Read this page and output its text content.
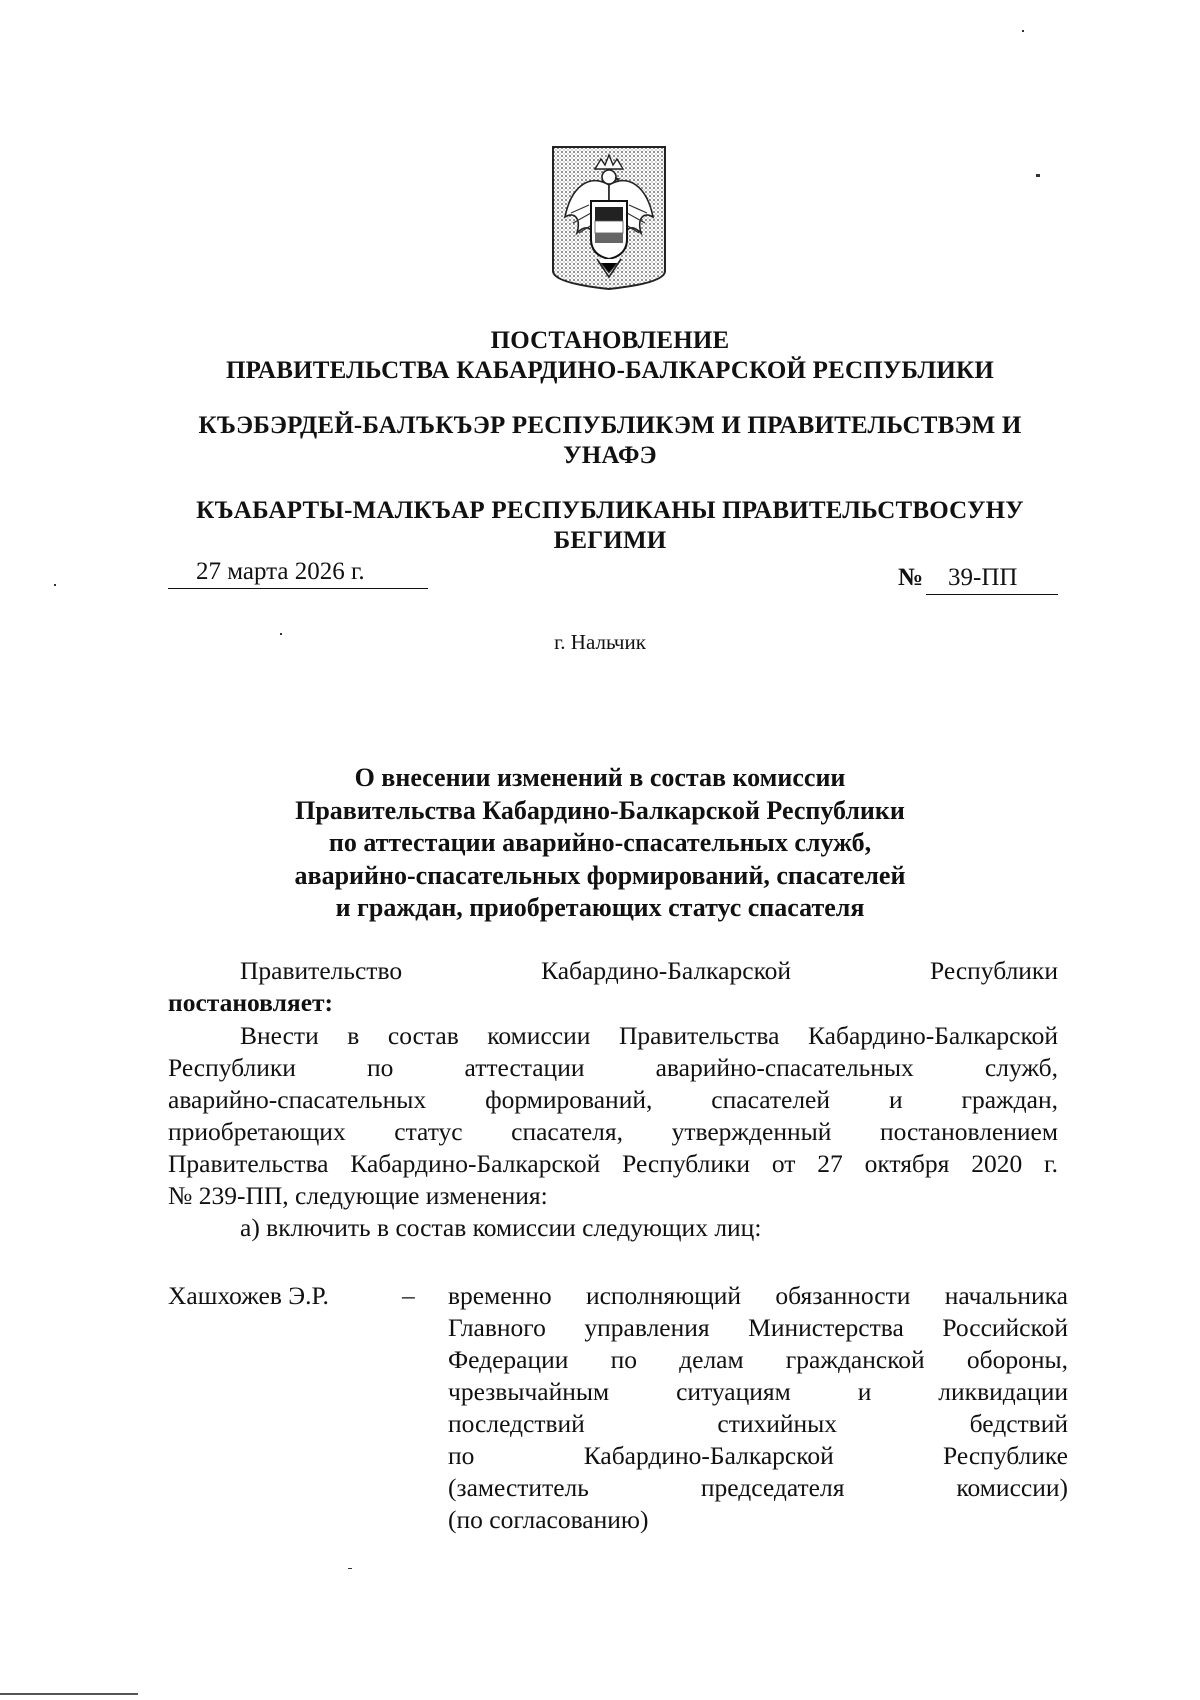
ПОСТАНОВЛЕНИЕ
ПРАВИТЕЛЬСТВА КАБАРДИНО-БАЛКАРСКОЙ РЕСПУБЛИКИ
КЪЭБЭРДЕЙ-БАЛЪКЪЭР РЕСПУБЛИКЭМ И ПРАВИТЕЛЬСТВЭМ И
УНАФЭ
КЪАБАРТЫ-МАЛКЪАР РЕСПУБЛИКАНЫ ПРАВИТЕЛЬСТВОСУНУ
БЕГИМИ
27 марта 2026 г.	№ 39-ПП
г. Нальчик
О внесении изменений в состав комиссии
Правительства Кабардино-Балкарской Республики
по аттестации аварийно-спасательных служб,
аварийно-спасательных формирований, спасателей
и граждан, приобретающих статус спасателя
Правительство	Кабардино-Балкарской	Республики
постановляет:
Внести в состав комиссии Правительства Кабардино-Балкарской
Республики по аттестации аварийно-спасательных служб,
аварийно-спасательных формирований, спасателей и граждан,
приобретающих статус спасателя, утвержденный постановлением
Правительства Кабардино-Балкарской Республики от 27 октября 2020 г.
№ 239-ПП, следующие изменения:
а) включить в состав комиссии следующих лиц:
Хашхожев Э.Р.	– временно исполняющий обязанности начальника
Главного управления Министерства Российской
Федерации по делам гражданской обороны,
чрезвычайным ситуациям и ликвидации
последствий стихийных бедствий
по Кабардино-Балкарской Республике
(заместитель председателя комиссии)
(по согласованию)
